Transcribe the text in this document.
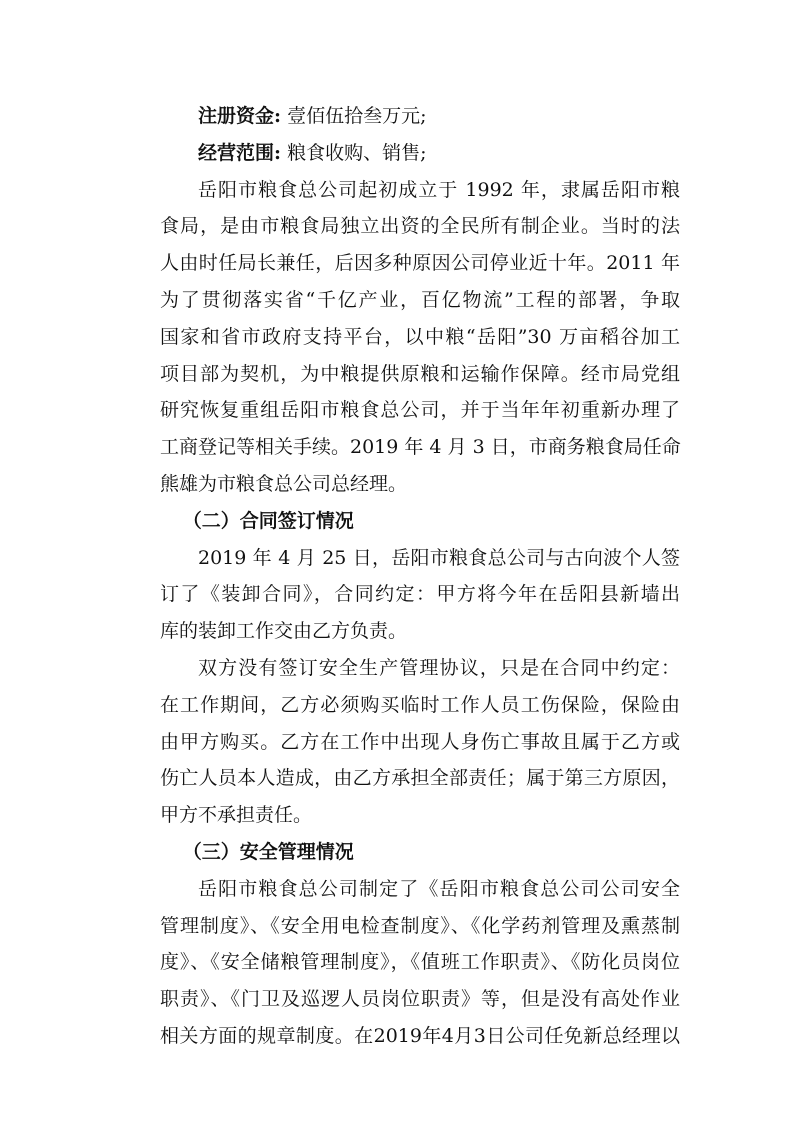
注册资金: 壹佰伍拾叁万元;
经营范围: 粮食收购、销售;
岳阳市粮食总公司起初成立于 1992 年，隶属岳阳市粮
食局，是由市粮食局独立出资的全民所有制企业。当时的法
人由时任局长兼任，后因多种原因公司停业近十年。2011 年
为了贯彻落实省“千亿产业，百亿物流”工程的部署，争取
国家和省市政府支持平台，以中粮“岳阳”30 万亩稻谷加工
项目部为契机，为中粮提供原粮和运输作保障。经市局党组
研究恢复重组岳阳市粮食总公司，并于当年年初重新办理了
工商登记等相关手续。2019 年 4 月 3 日，市商务粮食局任命
熊雄为市粮食总公司总经理。
（二）合同签订情况
2019 年 4 月 25 日，岳阳市粮食总公司与古向波个人签
订了《装卸合同》，合同约定：甲方将今年在岳阳县新墙出
库的装卸工作交由乙方负责。
双方没有签订安全生产管理协议，只是在合同中约定：
在工作期间，乙方必须购买临时工作人员工伤保险，保险由
由甲方购买。乙方在工作中出现人身伤亡事故且属于乙方或
伤亡人员本人造成，由乙方承担全部责任；属于第三方原因，
甲方不承担责任。
（三）安全管理情况
岳阳市粮食总公司制定了《岳阳市粮食总公司公司安全
管理制度》、《安全用电检查制度》、《化学药剂管理及熏蒸制
度》、《安全储粮管理制度》，《值班工作职责》、《防化员岗位
职责》、《门卫及巡逻人员岗位职责》等，但是没有高处作业
相关方面的规章制度。在2019年4月3日公司任免新总经理以
